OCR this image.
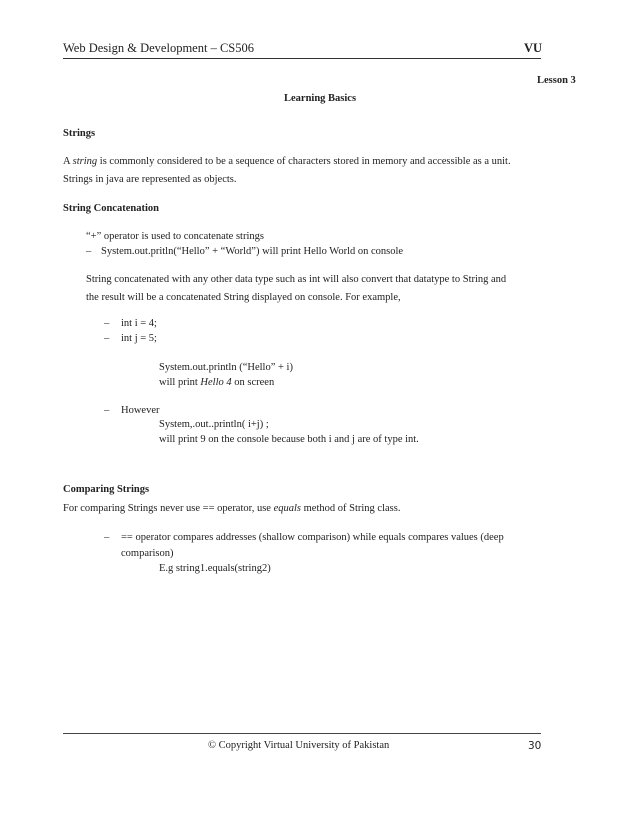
Web Design & Development – CS506	VU
Lesson 3
Learning Basics
Strings
A string is commonly considered to be a sequence of characters stored in memory and accessible as a unit.
Strings in java are represented as objects.
String Concatenation
“+” operator is used to concatenate strings
– System.out.pritln(“Hello” + “World”) will print Hello World on console
String concatenated with any other data type such as int will also convert that datatype to String and
the result will be a concatenated String displayed on console. For example,
– int i = 4;
– int j = 5;
System.out.println (“Hello” + i)
will print Hello 4 on screen
– However
System,.out..println( i+j) ;
will print 9 on the console because both i and j are of type int.
Comparing Strings
For comparing Strings never use == operator, use equals method of String class.
– == operator compares addresses (shallow comparison) while equals compares values (deep
comparison)
E.g string1.equals(string2)
© Copyright Virtual University of Pakistan	30
